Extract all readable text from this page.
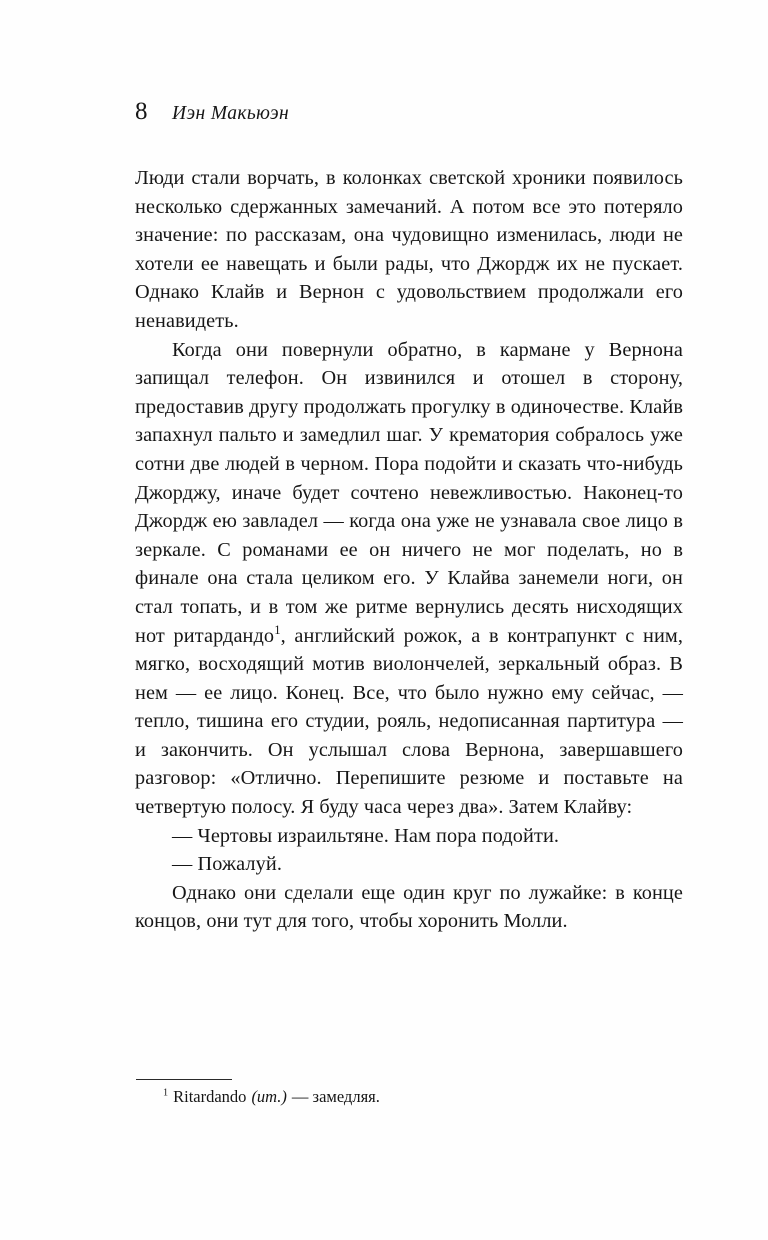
8 Иэн Макьюэн

Люди стали ворчать, в колонках светской хроники появилось несколько сдержанных замечаний. А потом все это потеряло значение: по рассказам, она чудовищно изменилась, люди не хотели ее навещать и были рады, что Джордж их не пускает. Однако Клайв и Вернон с удовольствием продолжали его ненавидеть.

Когда они повернули обратно, в кармане у Вернона запищал телефон. Он извинился и отошел в сторону, предоставив другу продолжать прогулку в одиночестве. Клайв запахнул пальто и замедлил шаг. У крематория собралось уже сотни две людей в черном. Пора подойти и сказать что-нибудь Джорджу, иначе будет сочтено невежливостью. Наконец-то Джордж ею завладел — когда она уже не узнавала свое лицо в зеркале. С романами ее он ничего не мог поделать, но в финале она стала целиком его. У Клайва занемели ноги, он стал топать, и в том же ритме вернулись десять нисходящих нот ритардандо$^1$, английский рожок, а в контрапункт с ним, мягко, восходящий мотив виолончелей, зеркальный образ. В нем — ее лицо. Конец. Все, что было нужно ему сейчас, — тепло, тишина его студии, рояль, недописанная партитура — и закончить. Он услышал слова Вернона, завершавшего разговор: «Отлично. Перепишите резюме и поставьте на четвертую полосу. Я буду часа через два». Затем Клайву:

— Чертовы израильтяне. Нам пора подойти.

— Пожалуй.

Однако они сделали еще один круг по лужайке: в конце концов, они тут для того, чтобы хоронить Молли.

$^1$ Ritardando (ит.) — замедляя.
